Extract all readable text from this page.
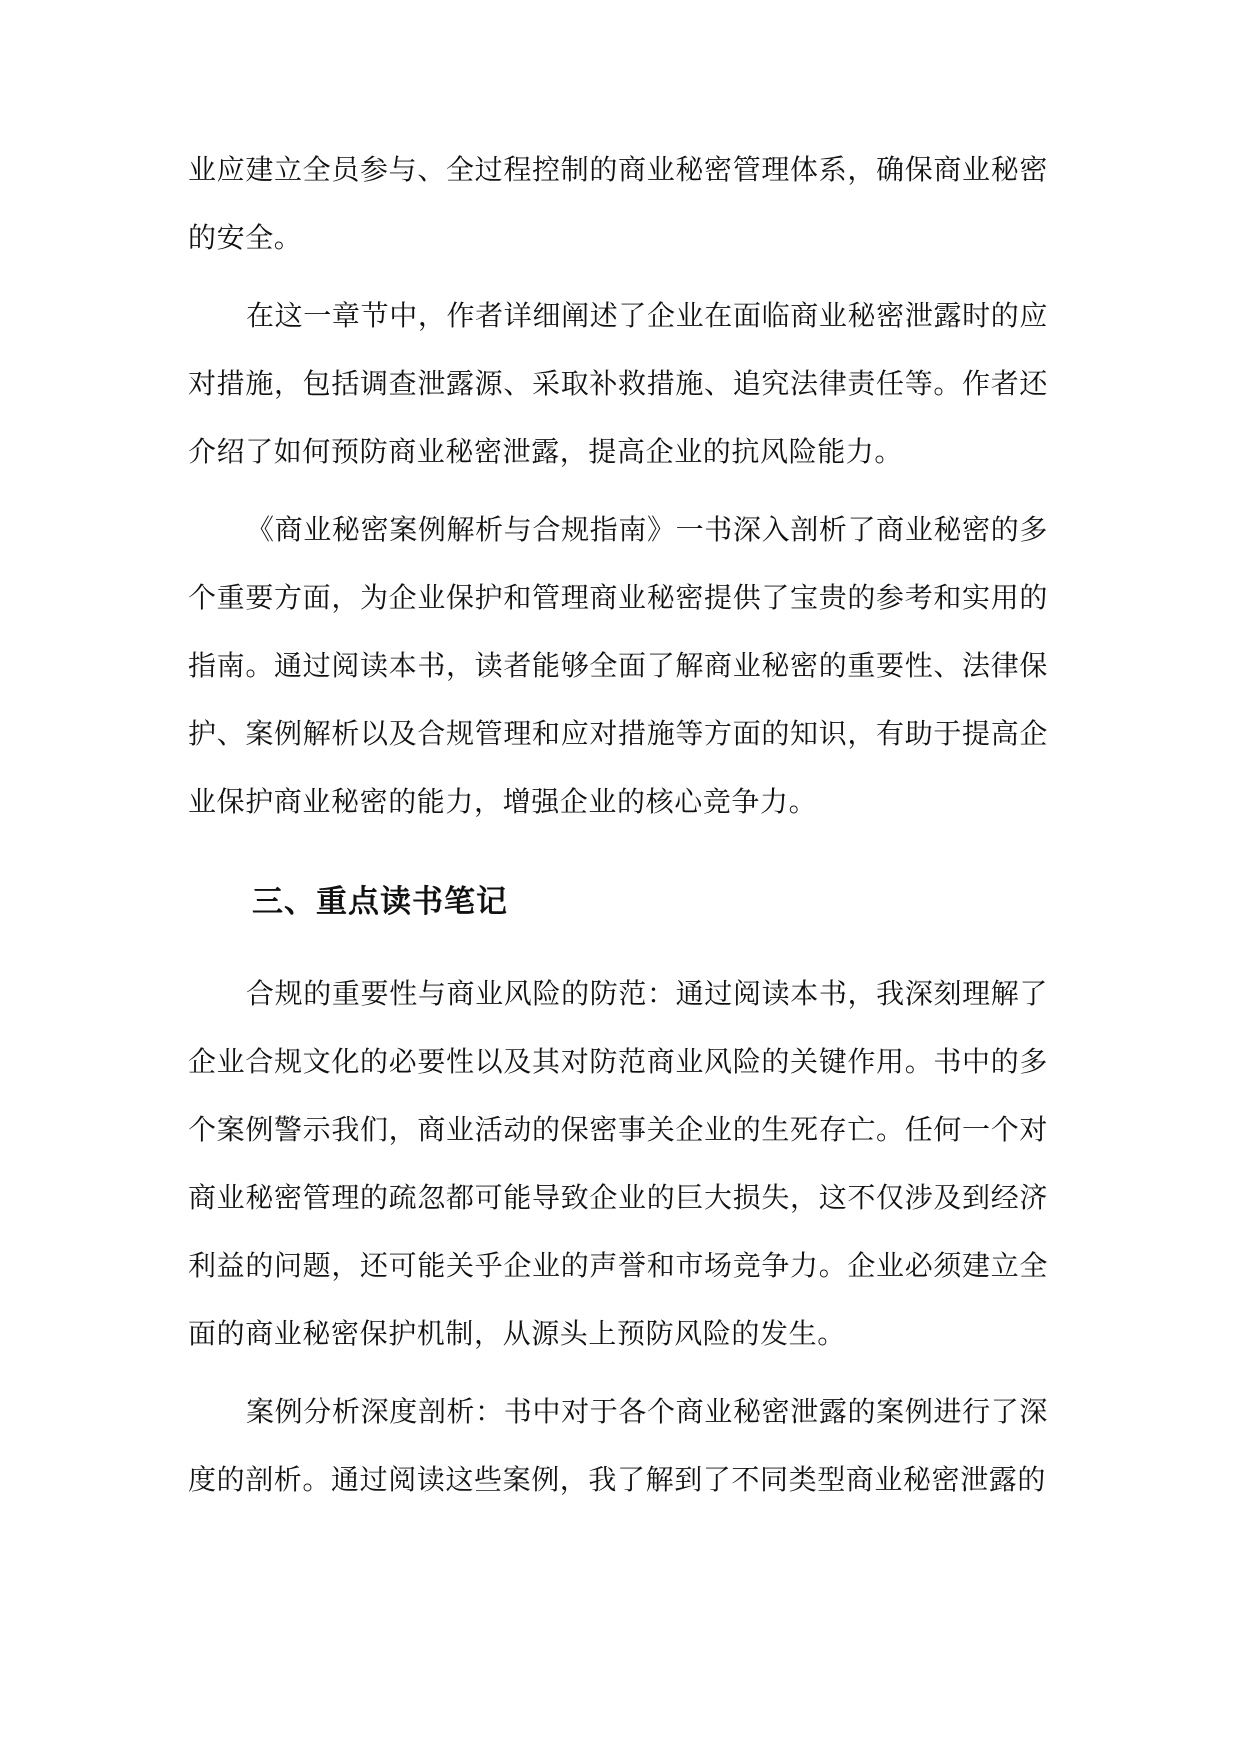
业应建立全员参与、全过程控制的商业秘密管理体系，确保商业秘密的安全。

在这一章节中，作者详细阐述了企业在面临商业秘密泄露时的应对措施，包括调查泄露源、采取补救措施、追究法律责任等。作者还介绍了如何预防商业秘密泄露，提高企业的抗风险能力。

《商业秘密案例解析与合规指南》一书深入剖析了商业秘密的多个重要方面，为企业保护和管理商业秘密提供了宝贵的参考和实用的指南。通过阅读本书，读者能够全面了解商业秘密的重要性、法律保护、案例解析以及合规管理和应对措施等方面的知识，有助于提高企业保护商业秘密的能力，增强企业的核心竞争力。

三、重点读书笔记

合规的重要性与商业风险的防范：通过阅读本书，我深刻理解了企业合规文化的必要性以及其对防范商业风险的关键作用。书中的多个案例警示我们，商业活动的保密事关企业的生死存亡。任何一个对商业秘密管理的疏忽都可能导致企业的巨大损失，这不仅涉及到经济利益的问题，还可能关乎企业的声誉和市场竞争力。企业必须建立全面的商业秘密保护机制，从源头上预防风险的发生。

案例分析深度剖析：书中对于各个商业秘密泄露的案例进行了深度的剖析。通过阅读这些案例，我了解到了不同类型商业秘密泄露的
